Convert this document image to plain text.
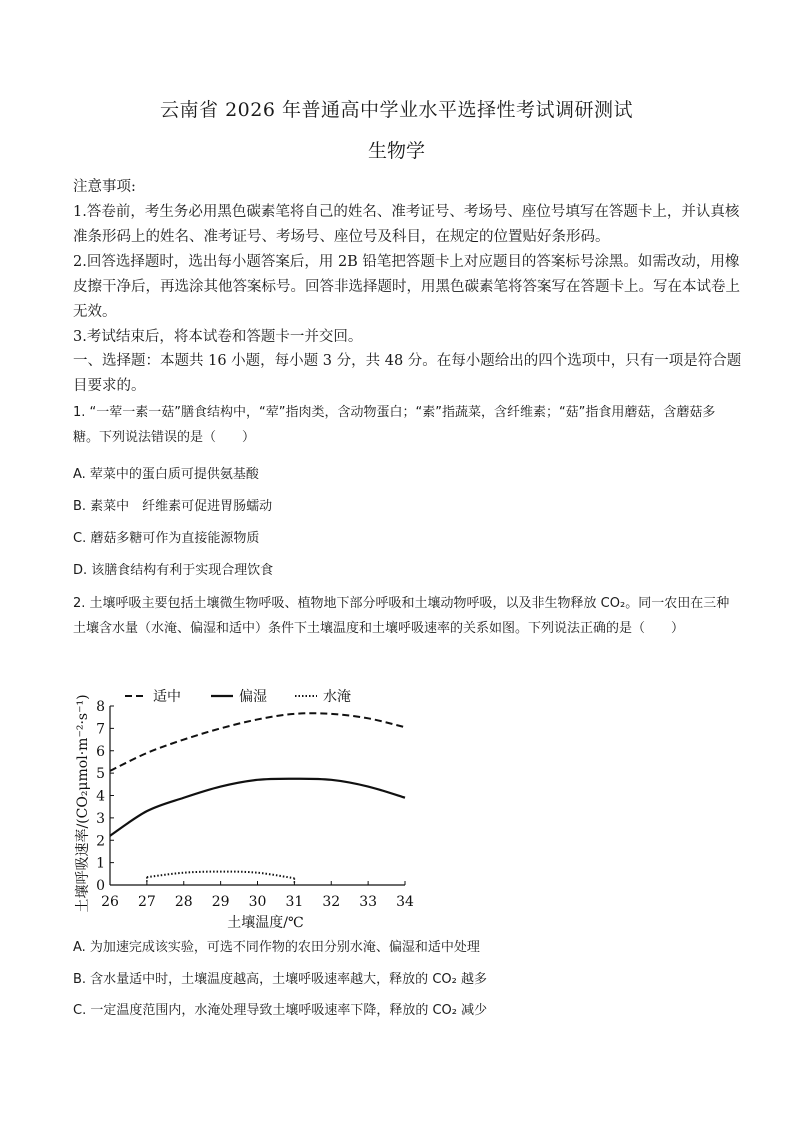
云南省 2026 年普通高中学业水平选择性考试调研测试
生物学
注意事项:

1.答卷前，考生务必用黑色碳素笔将自己的姓名、准考证号、考场号、座位号填写在答题卡上，并认真核准条形码上的姓名、准考证号、考场号、座位号及科目，在规定的位置贴好条形码。

2.回答选择题时，选出每小题答案后，用 2B 铅笔把答题卡上对应题目的答案标号涂黑。如需改动，用橡皮擦干净后，再选涂其他答案标号。回答非选择题时，用黑色碳素笔将答案写在答题卡上。写在本试卷上无效。

3.考试结束后，将本试卷和答题卡一并交回。

一、选择题：本题共 16 小题，每小题 3 分，共 48 分。在每小题给出的四个选项中，只有一项是符合题目要求的。

1. “一荤一素一菇”膳食结构中，“荤”指肉类，含动物蛋白；“素”指蔬菜，含纤维素；“菇”指食用蘑菇，含蘑菇多糖。下列说法错误的是（　　）
A. 荤菜中的蛋白质可提供氨基酸
B. 素菜中　纤维素可促进胃肠蠕动
C. 蘑菇多糖可作为直接能源物质
D. 该膳食结构有利于实现合理饮食
2. 土壤呼吸主要包括土壤微生物呼吸、植物地下部分呼吸和土壤动物呼吸，以及非生物释放 CO₂。同一农田在三种土壤含水量（水淹、偏湿和适中）条件下土壤温度和土壤呼吸速率的关系如图。下列说法正确的是（　　）
0
1
2
3
4
5
6
7
8
26 27 28 29 30 31 32 33 34
土壤温度/℃
土壤呼吸速率/(CO₂μmol·m⁻²·s⁻¹)	适中	偏湿	水淹
A. 为加速完成该实验，可选不同作物的农田分别水淹、偏湿和适中处理
B. 含水量适中时，土壤温度越高，土壤呼吸速率越大，释放的 CO₂ 越多
C. 一定温度范围内，水淹处理导致土壤呼吸速率下降，释放的 CO₂ 减少
